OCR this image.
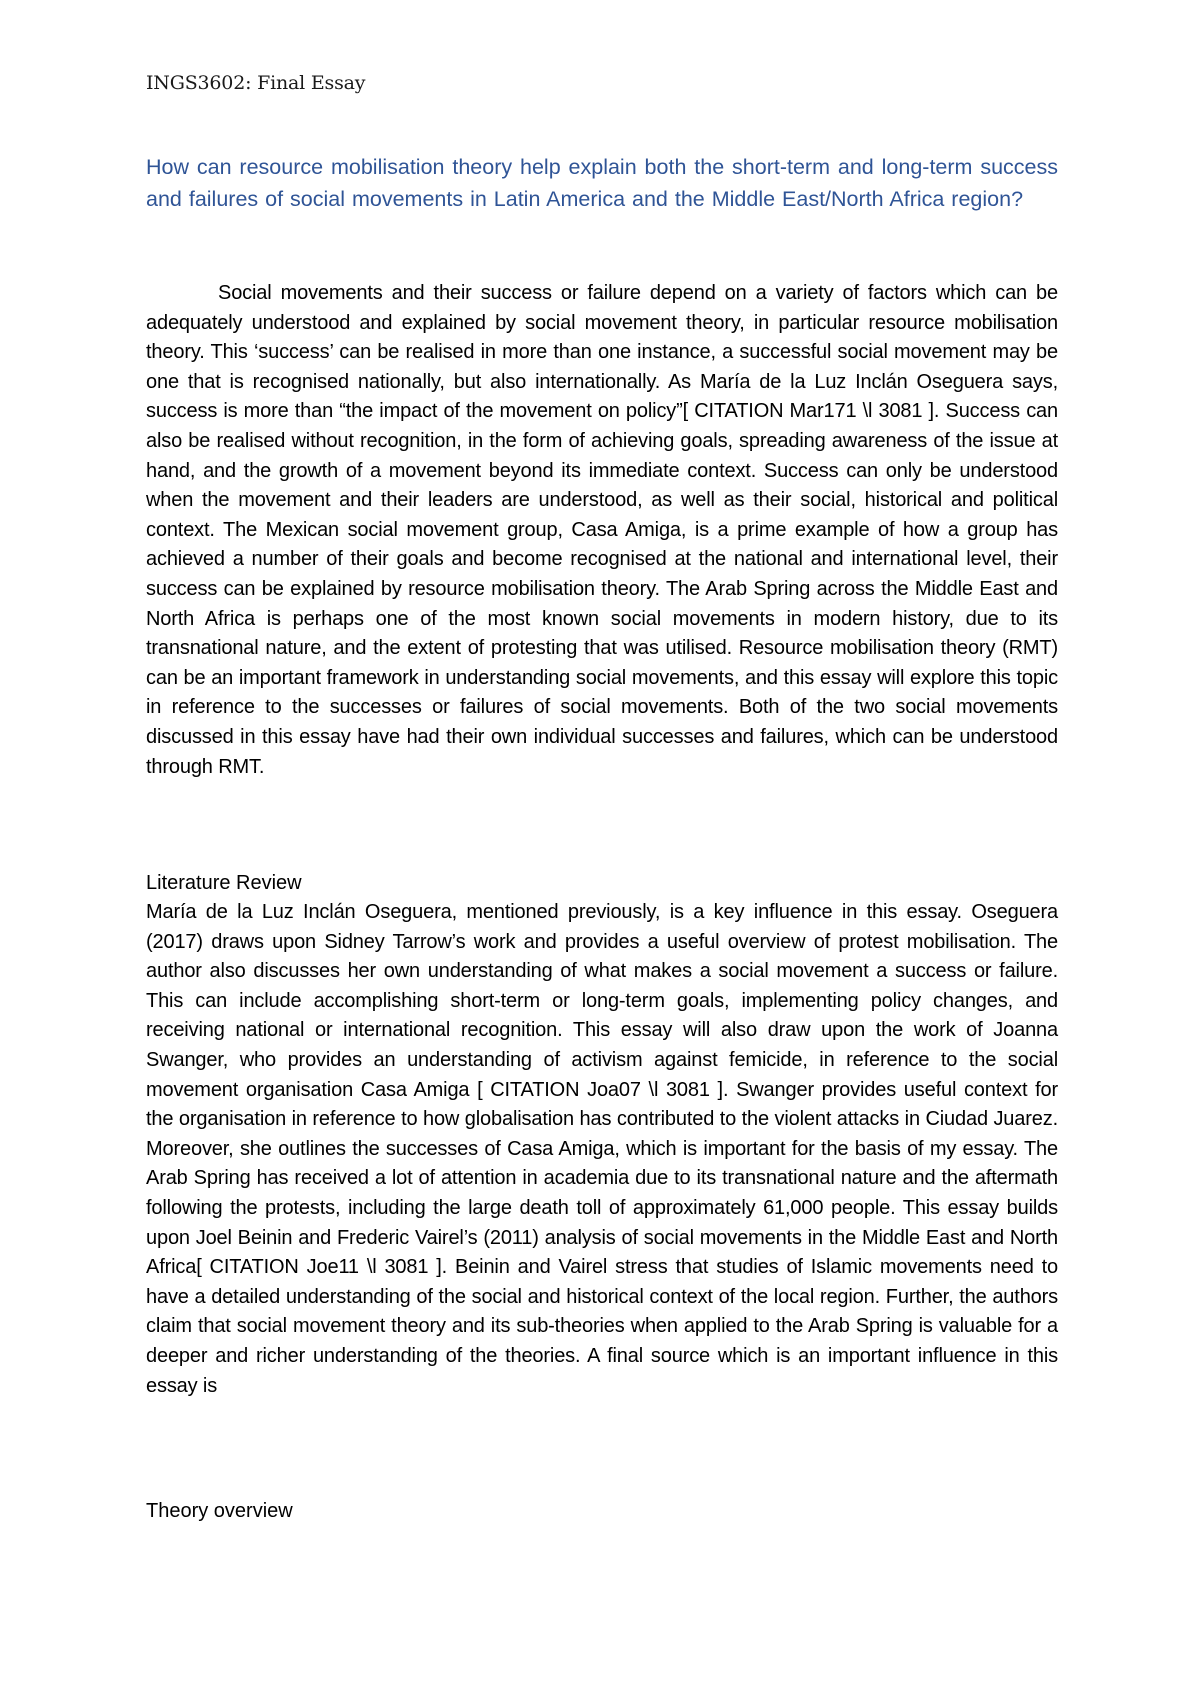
INGS3602: Final Essay
How can resource mobilisation theory help explain both the short-term and long-term success and failures of social movements in Latin America and the Middle East/North Africa region?
Social movements and their success or failure depend on a variety of factors which can be adequately understood and explained by social movement theory, in particular resource mobilisation theory. This ‘success’ can be realised in more than one instance, a successful social movement may be one that is recognised nationally, but also internationally. As María de la Luz Inclán Oseguera says, success is more than “the impact of the movement on policy”[ CITATION Mar171 \l 3081 ]. Success can also be realised without recognition, in the form of achieving goals, spreading awareness of the issue at hand, and the growth of a movement beyond its immediate context. Success can only be understood when the movement and their leaders are understood, as well as their social, historical and political context. The Mexican social movement group, Casa Amiga, is a prime example of how a group has achieved a number of their goals and become recognised at the national and international level, their success can be explained by resource mobilisation theory. The Arab Spring across the Middle East and North Africa is perhaps one of the most known social movements in modern history, due to its transnational nature, and the extent of protesting that was utilised. Resource mobilisation theory (RMT) can be an important framework in understanding social movements, and this essay will explore this topic in reference to the successes or failures of social movements. Both of the two social movements discussed in this essay have had their own individual successes and failures, which can be understood through RMT.
Literature Review
María de la Luz Inclán Oseguera, mentioned previously, is a key influence in this essay. Oseguera (2017) draws upon Sidney Tarrow’s work and provides a useful overview of protest mobilisation. The author also discusses her own understanding of what makes a social movement a success or failure. This can include accomplishing short-term or long-term goals, implementing policy changes, and receiving national or international recognition. This essay will also draw upon the work of Joanna Swanger, who provides an understanding of activism against femicide, in reference to the social movement organisation Casa Amiga [ CITATION Joa07 \l 3081 ]. Swanger provides useful context for the organisation in reference to how globalisation has contributed to the violent attacks in Ciudad Juarez. Moreover, she outlines the successes of Casa Amiga, which is important for the basis of my essay. The Arab Spring has received a lot of attention in academia due to its transnational nature and the aftermath following the protests, including the large death toll of approximately 61,000 people. This essay builds upon Joel Beinin and Frederic Vairel’s (2011) analysis of social movements in the Middle East and North Africa[ CITATION Joe11 \l 3081 ]. Beinin and Vairel stress that studies of Islamic movements need to have a detailed understanding of the social and historical context of the local region. Further, the authors claim that social movement theory and its sub-theories when applied to the Arab Spring is valuable for a deeper and richer understanding of the theories. A final source which is an important influence in this essay is
Theory overview
